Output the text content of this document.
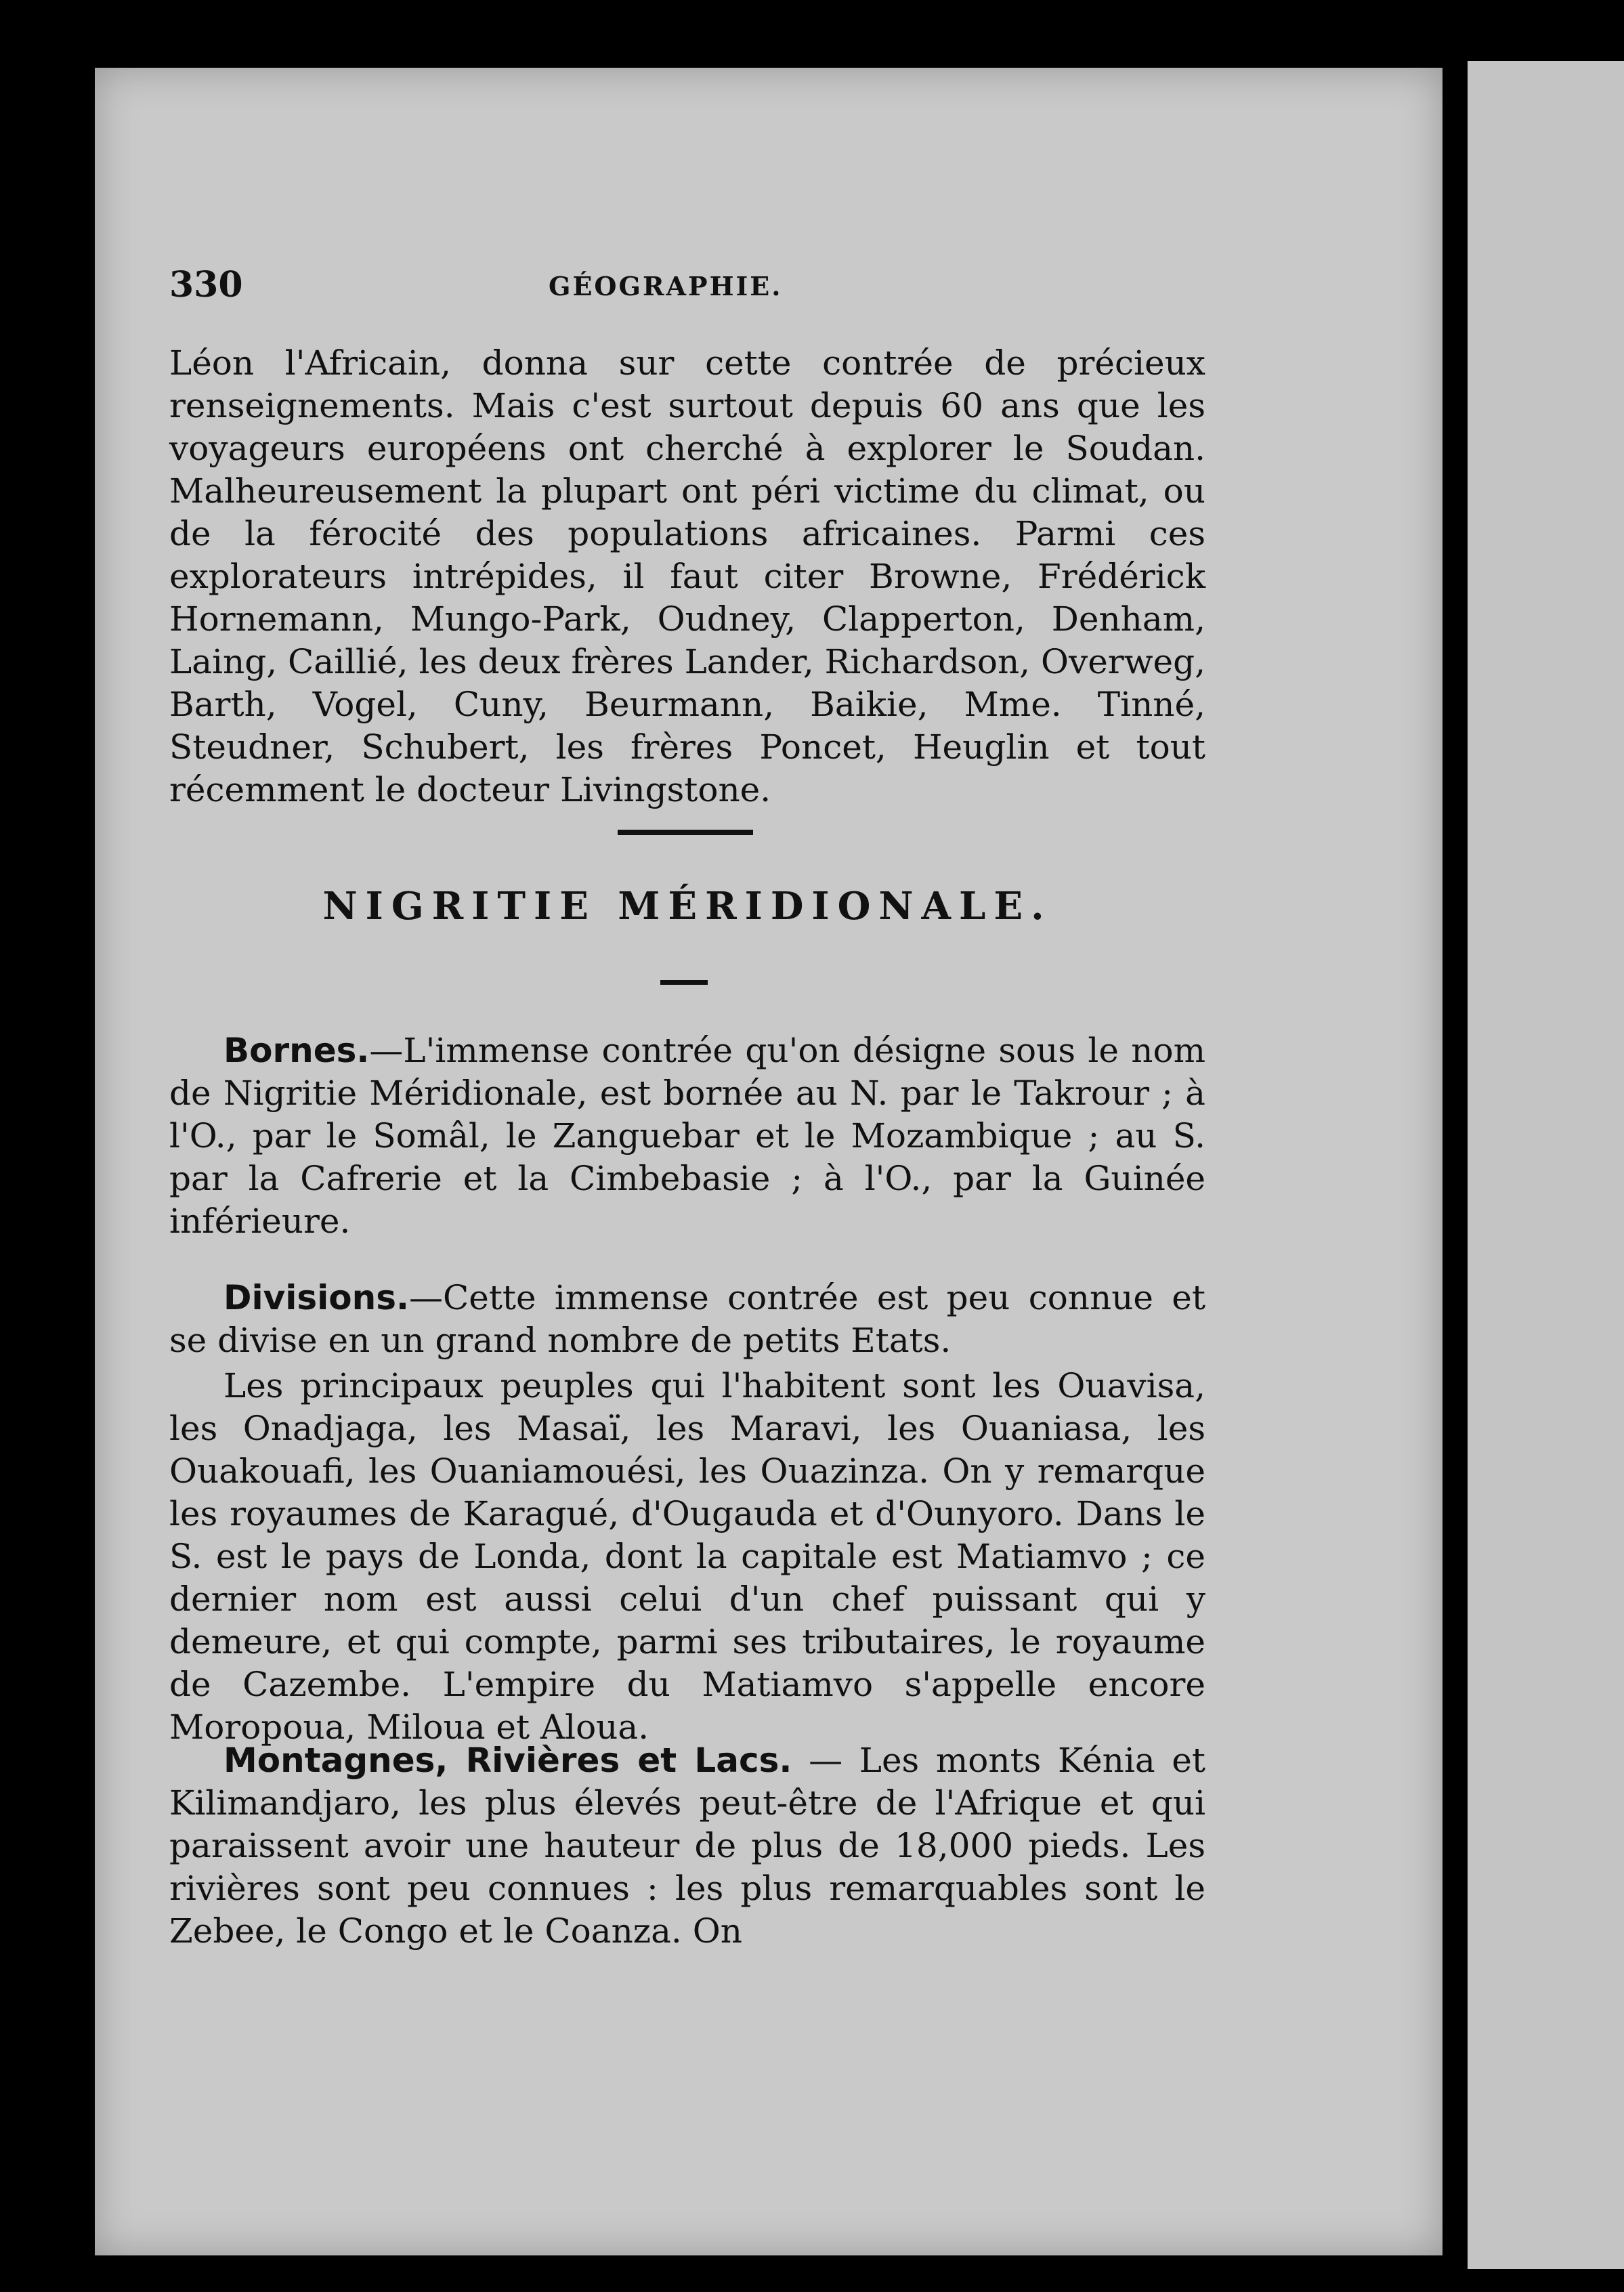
330	GÉOGRAPHIE.

Léon l'Africain, donna sur cette contrée de précieux renseignements. Mais c'est surtout depuis 60 ans que les voyageurs européens ont cherché à explorer le Soudan. Malheureusement la plupart ont péri victime du climat, ou de la férocité des populations africaines. Parmi ces explorateurs intrépides, il faut citer Browne, Frédérick Hornemann, Mungo-Park, Oudney, Clapperton, Denham, Laing, Caillié, les deux frères Lander, Richardson, Overweg, Barth, Vogel, Cuny, Beurmann, Baikie, Mme. Tinné, Steudner, Schubert, les frères Poncet, Heuglin et tout récemment le docteur Livingstone.

NIGRITIE MÉRIDIONALE.

Bornes.—L'immense contrée qu'on désigne sous le nom de Nigritie Méridionale, est bornée au N. par le Takrour ; à l'O., par le Somâl, le Zanguebar et le Mozambique ; au S. par la Cafrerie et la Cimbebasie ; à l'O., par la Guinée inférieure.

Divisions.—Cette immense contrée est peu connue et se divise en un grand nombre de petits Etats.

Les principaux peuples qui l'habitent sont les Ouavisa, les Onadjaga, les Masaï, les Maravi, les Ouaniasa, les Ouakouafi, les Ouaniamouési, les Ouazinza. On y remarque les royaumes de Karagué, d'Ougauda et d'Ounyoro. Dans le S. est le pays de Londa, dont la capitale est Matiamvo ; ce dernier nom est aussi celui d'un chef puissant qui y demeure, et qui compte, parmi ses tributaires, le royaume de Cazembe. L'empire du Matiamvo s'appelle encore Moropoua, Miloua et Aloua.

Montagnes, Rivières et Lacs. — Les monts Kénia et Kilimandjaro, les plus élevés peut-être de l'Afrique et qui paraissent avoir une hauteur de plus de 18,000 pieds. Les rivières sont peu connues : les plus remarquables sont le Zebee, le Congo et le Coanza. On
